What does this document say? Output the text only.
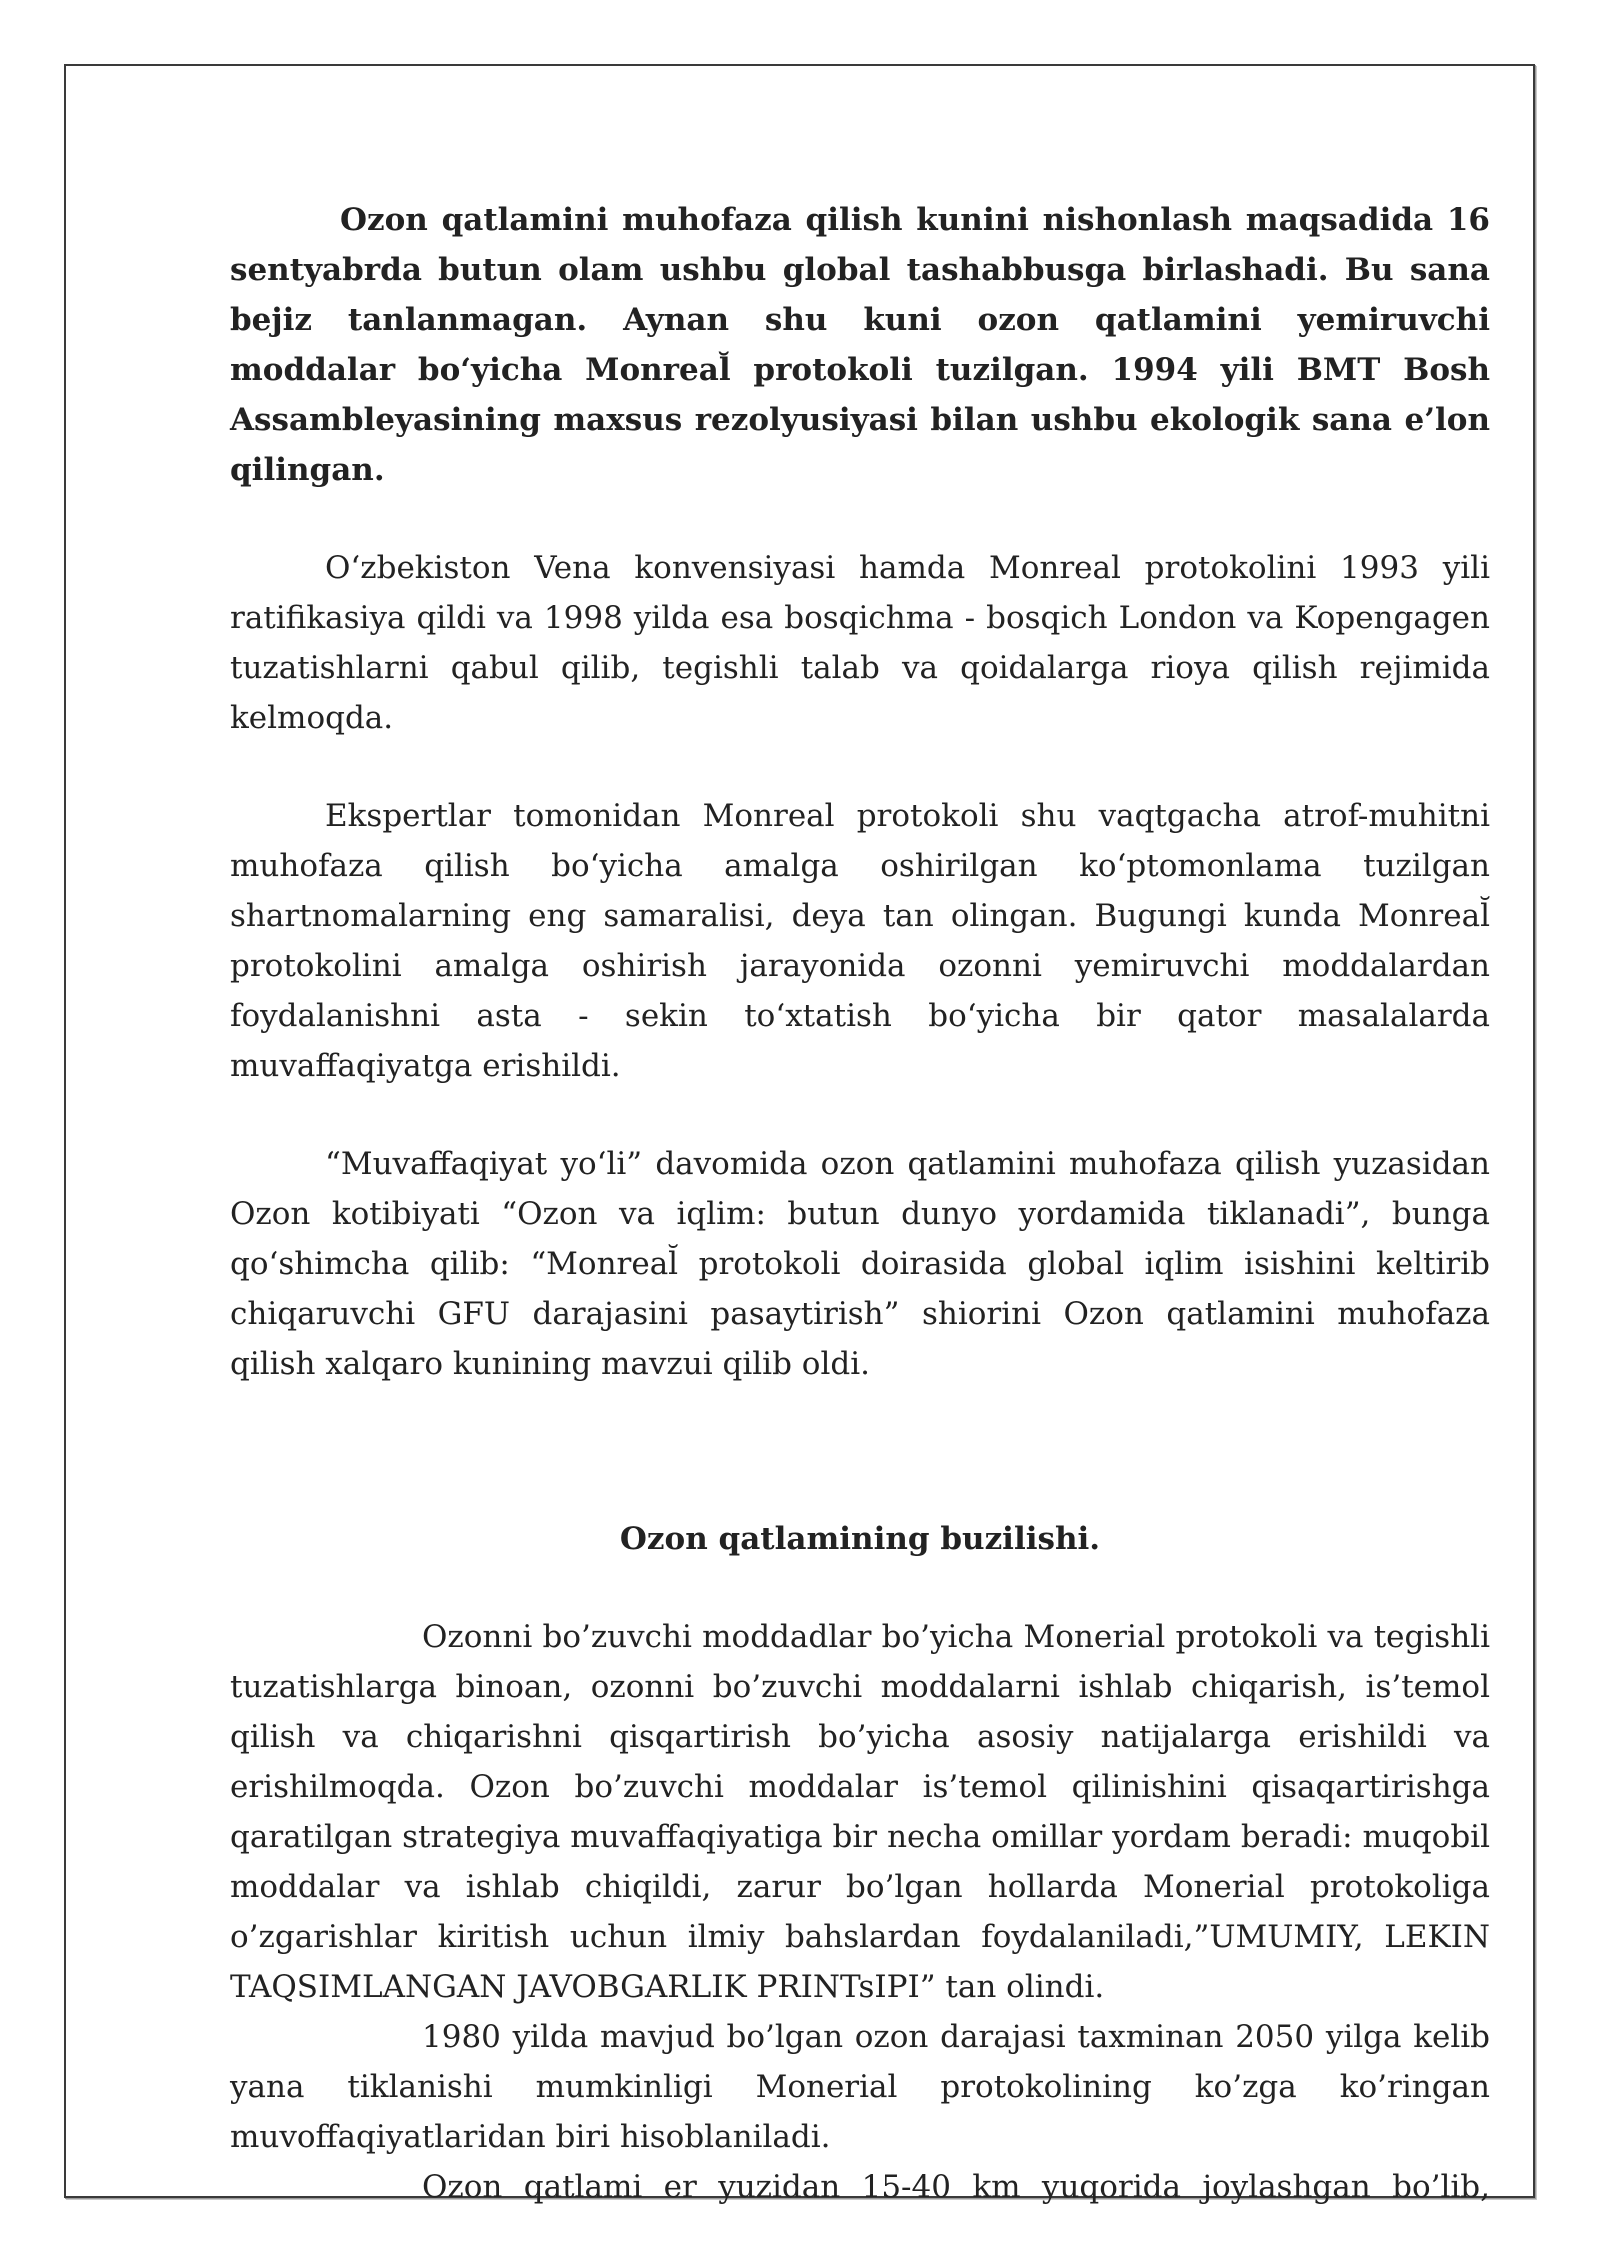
Ozon qatlamini muhofaza qilish kunini nishonlash maqsadida 16 sentyabrda butun olam ushbu global tashabbusga birlashadi. Bu sana bejiz tanlanmagan. Aynan shu kuni ozon qatlamini yemiruvchi moddalar bo‘yicha Monreal̆ protokoli tuzilgan. 1994 yili BMT Bosh Assambleyasining maxsus rezolyusiyasi bilan ushbu ekologik sana e’lon qilingan.

O‘zbekiston Vena konvensiyasi hamda Monreal protokolini 1993 yili ratifikasiya qildi va 1998 yilda esa bosqichma - bosqich London va Kopengagen tuzatishlarni qabul qilib, tegishli talab va qoidalarga rioya qilish rejimida kelmoqda.

Ekspertlar tomonidan Monreal protokoli shu vaqtgacha atrof-muhitni muhofaza qilish bo‘yicha amalga oshirilgan ko‘ptomonlama tuzilgan shartnomalarning eng samaralisi, deya tan olingan. Bugungi kunda Monreal̆ protokolini amalga oshirish jarayonida ozonni yemiruvchi moddalardan foydalanishni asta - sekin to‘xtatish bo‘yicha bir qator masalalarda muvaffaqiyatga erishildi.

“Muvaffaqiyat yo‘li” davomida ozon qatlamini muhofaza qilish yuzasidan Ozon kotibiyati “Ozon va iqlim: butun dunyo yordamida tiklanadi”, bunga qo‘shimcha qilib: “Monreal̆ protokoli doirasida global iqlim isishini keltirib chiqaruvchi GFU darajasini pasaytirish” shiorini Ozon qatlamini muhofaza qilish xalqaro kunining mavzui qilib oldi.

Ozon qatlamining buzilishi.

Ozonni bo’zuvchi moddadlar bo’yicha Monerial protokoli va tegishli tuzatishlarga binoan, ozonni bo’zuvchi moddalarni ishlab chiqarish, is’temol qilish va chiqarishni qisqartirish bo’yicha asosiy natijalarga erishildi va erishilmoqda. Ozon bo’zuvchi moddalar is’temol qilinishini qisaqartirishga qaratilgan strategiya muvaffaqiyatiga bir necha omillar yordam beradi: muqobil moddalar va ishlab chiqildi, zarur bo’lgan hollarda Monerial protokoliga o’zgarishlar kiritish uchun ilmiy bahslardan foydalaniladi,”UMUMIY, LEKIN TAQSIMLANGAN JAVOBGARLIK PRINTsIPI” tan olindi.

1980 yilda mavjud bo’lgan ozon darajasi taxminan 2050 yilga kelib yana tiklanishi mumkinligi Monerial protokolining ko’zga ko’ringan muvoffaqiyatlaridan biri hisoblaniladi.

Ozon qatlami er yuzidan 15-40 km yuqorida joylashgan bo’lib,
